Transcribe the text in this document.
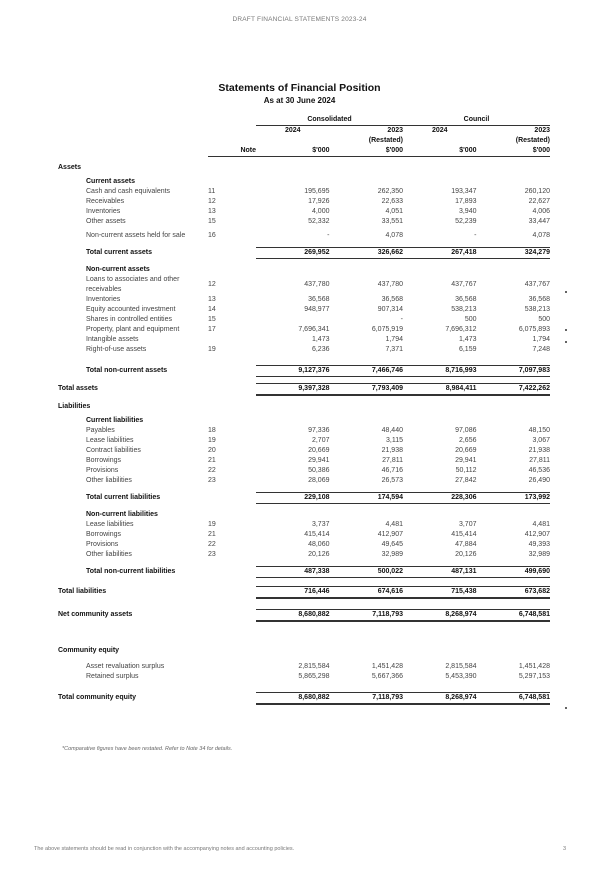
DRAFT FINANCIAL STATEMENTS 2023-24
Statements of Financial Position
As at 30 June 2024
		Consolidated		Council	
		2024	2023	2024	2023
			(Restated)		(Restated)
	Note	$'000	$'000	$'000	$'000

Assets					

Current assets					
Cash and cash equivalents	11	195,695	262,350	193,347	260,120
Receivables	12	17,926	22,633	17,893	22,627
Inventories	13	4,000	4,051	3,940	4,006
Other assets	15	52,332	33,551	52,239	33,447

Non-current assets held for sale	16	-	4,078	-	4,078

Total current assets		269,952	326,662	267,418	324,279

Non-current assets					
Loans to associates and other receivables	12	437,780	437,780	437,767	437,767
Inventories	13	36,568	36,568	36,568	36,568
Equity accounted investment	14	948,977	907,314	538,213	538,213
Shares in controlled entities	15		-	500	500
Property, plant and equipment	17	7,696,341	6,075,919	7,696,312	6,075,893
Intangible assets		1,473	1,794	1,473	1,794
Right-of-use assets	19	6,236	7,371	6,159	7,248

Total non-current assets		9,127,376	7,466,746	8,716,993	7,097,983

Total assets		9,397,328	7,793,409	8,984,411	7,422,262

Liabilities					

Current liabilities					
Payables	18	97,336	48,440	97,086	48,150
Lease liabilities	19	2,707	3,115	2,656	3,067
Contract liabilities	20	20,669	21,938	20,669	21,938
Borrowings	21	29,941	27,811	29,941	27,811
Provisions	22	50,386	46,716	50,112	46,536
Other liabilities	23	28,069	26,573	27,842	26,490

Total current liabilities		229,108	174,594	228,306	173,992

Non-current liabilities					
Lease liabilities	19	3,737	4,481	3,707	4,481
Borrowings	21	415,414	412,907	415,414	412,907
Provisions	22	48,060	49,645	47,884	49,393
Other liabilities	23	20,126	32,989	20,126	32,989

Total non-current liabilities		487,338	500,022	487,131	499,690

Total liabilities		716,446	674,616	715,438	673,682

Net community assets		8,680,882	7,118,793	8,268,974	6,748,581

Community equity					

Asset revaluation surplus		2,815,584	1,451,428	2,815,584	1,451,428
Retained surplus		5,865,298	5,667,366	5,453,390	5,297,153

Total community equity		8,680,882	7,118,793	8,268,974	6,748,581
*Comparative figures have been restated. Refer to Note 34 for details.
The above statements should be read in conjunction with the accompanying notes and accounting policies.	3
